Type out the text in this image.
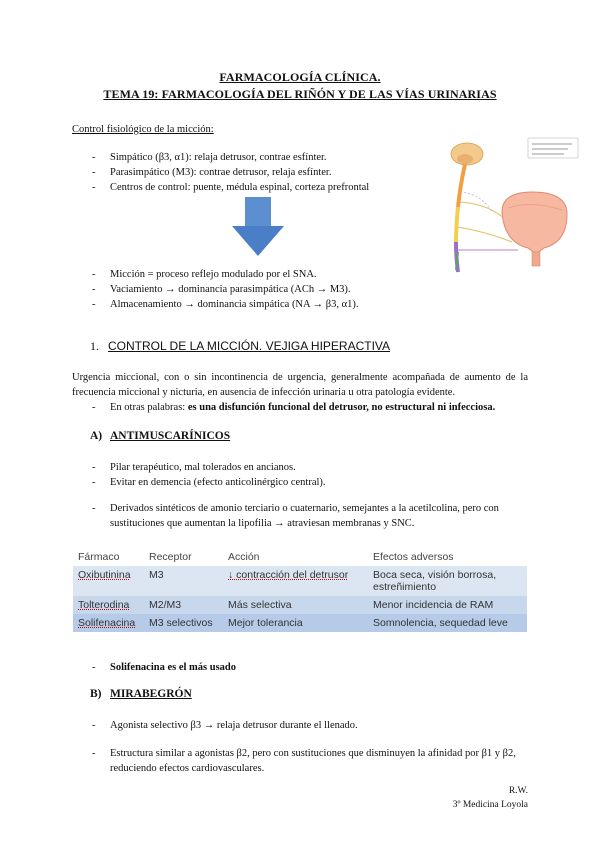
FARMACOLOGÍA CLÍNICA.
TEMA 19: FARMACOLOGÍA DEL RIÑÓN Y DE LAS VÍAS URINARIAS
Control fisiológico de la micción:
- Simpático (β3, α1): relaja detrusor, contrae esfínter.
- Parasimpático (M3): contrae detrusor, relaja esfínter.
- Centros de control: puente, médula espinal, corteza prefrontal
- Micción = proceso reflejo modulado por el SNA.
- Vaciamiento → dominancia parasimpática (ACh → M3).
- Almacenamiento → dominancia simpática (NA → β3, α1).
1. CONTROL DE LA MICCIÓN. VEJIGA HIPERACTIVA
Urgencia miccional, con o sin incontinencia de urgencia, generalmente acompañada de aumento de la frecuencia miccional y nicturia, en ausencia de infección urinaria u otra patología evidente.
- En otras palabras: es una disfunción funcional del detrusor, no estructural ni infecciosa.
A) ANTIMUSCARÍNICOS
- Pilar terapéutico, mal tolerados en ancianos.
- Evitar en demencia (efecto anticolinérgico central).
- Derivados sintéticos de amonio terciario o cuaternario, semejantes a la acetilcolina, pero con sustituciones que aumentan la lipofilia → atraviesan membranas y SNC.
Fármaco	Receptor	Acción	Efectos adversos
Oxibutinina	M3	↓ contracción del detrusor	Boca seca, visión borrosa, estreñimiento
Tolterodina	M2/M3	Más selectiva	Menor incidencia de RAM
Solifenacina	M3 selectivos	Mejor tolerancia	Somnolencia, sequedad leve
- Solifenacina es el más usado
B) MIRABEGRÓN
- Agonista selectivo β3 → relaja detrusor durante el llenado.
- Estructura similar a agonistas β2, pero con sustituciones que disminuyen la afinidad por β1 y β2, reduciendo efectos cardiovasculares.
R.W.
3º Medicina Loyola
